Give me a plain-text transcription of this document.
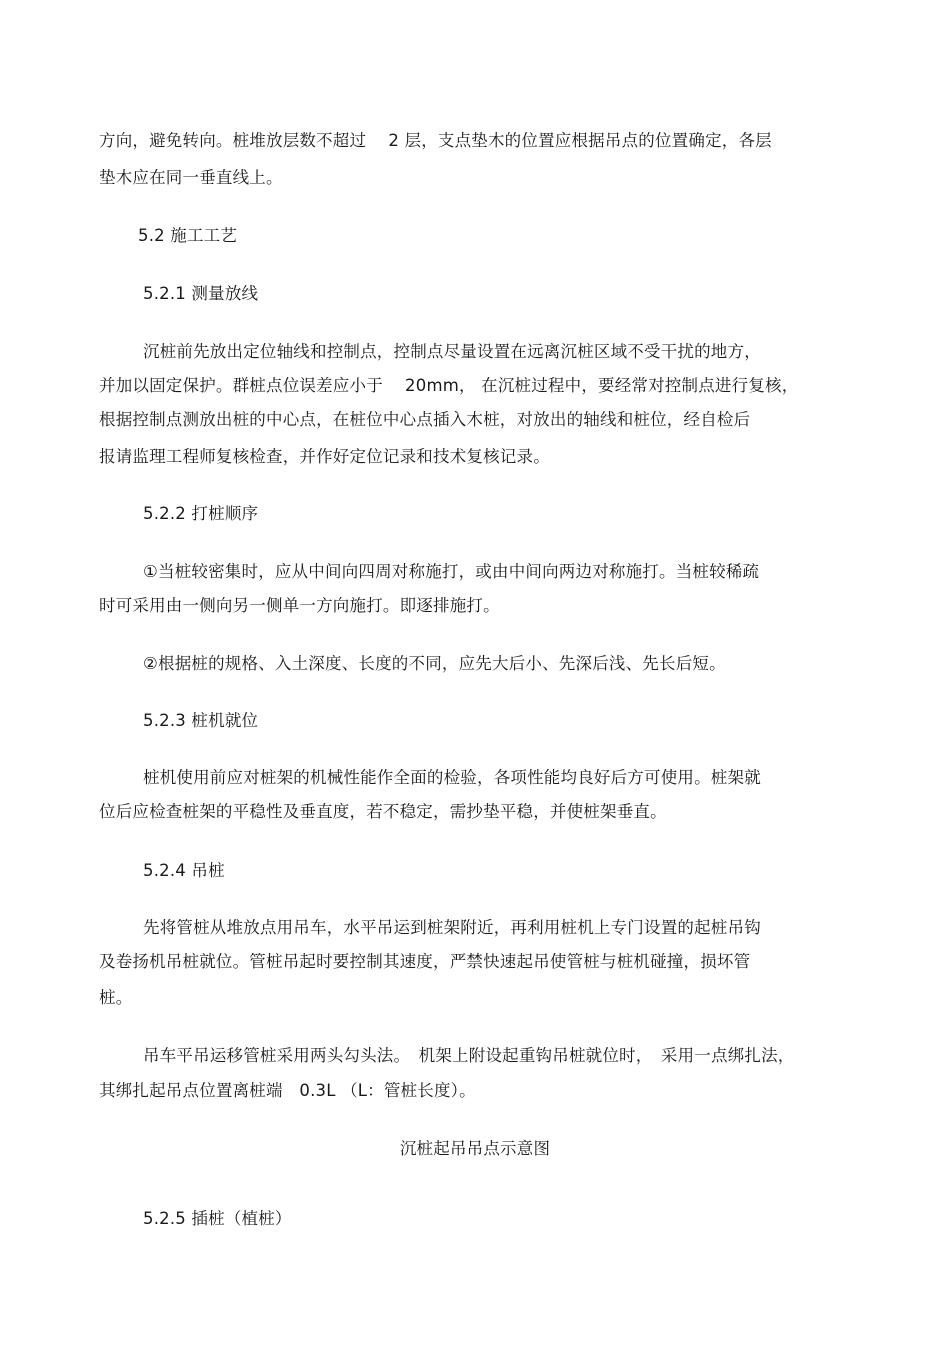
方向，避免转向。桩堆放层数不超过　 2 层，支点垫木的位置应根据吊点的位置确定，各层
垫木应在同一垂直线上。
5.2 施工工艺
5.2.1 测量放线
沉桩前先放出定位轴线和控制点，控制点尽量设置在远离沉桩区域不受干扰的地方，
并加以固定保护。群桩点位误差应小于　 20mm， 在沉桩过程中，要经常对控制点进行复核，
根据控制点测放出桩的中心点，在桩位中心点插入木桩，对放出的轴线和桩位，经自检后
报请监理工程师复核检查，并作好定位记录和技术复核记录。
5.2.2 打桩顺序
①当桩较密集时，应从中间向四周对称施打，或由中间向两边对称施打。当桩较稀疏
时可采用由一侧向另一侧单一方向施打。即逐排施打。
②根据桩的规格、入土深度、长度的不同，应先大后小、先深后浅、先长后短。
5.2.3 桩机就位
桩机使用前应对桩架的机械性能作全面的检验，各项性能均良好后方可使用。桩架就
位后应检查桩架的平稳性及垂直度，若不稳定，需抄垫平稳，并使桩架垂直。
5.2.4 吊桩
先将管桩从堆放点用吊车，水平吊运到桩架附近，再利用桩机上专门设置的起桩吊钩
及卷扬机吊桩就位。管桩吊起时要控制其速度，严禁快速起吊使管桩与桩机碰撞，损坏管
桩。
吊车平吊运移管桩采用两头勾头法。　机架上附设起重钩吊桩就位时，　采用一点绑扎法，
其绑扎起吊点位置离桩端　0.3L （L：管桩长度）。
沉桩起吊吊点示意图
5.2.5 插桩（植桩）
